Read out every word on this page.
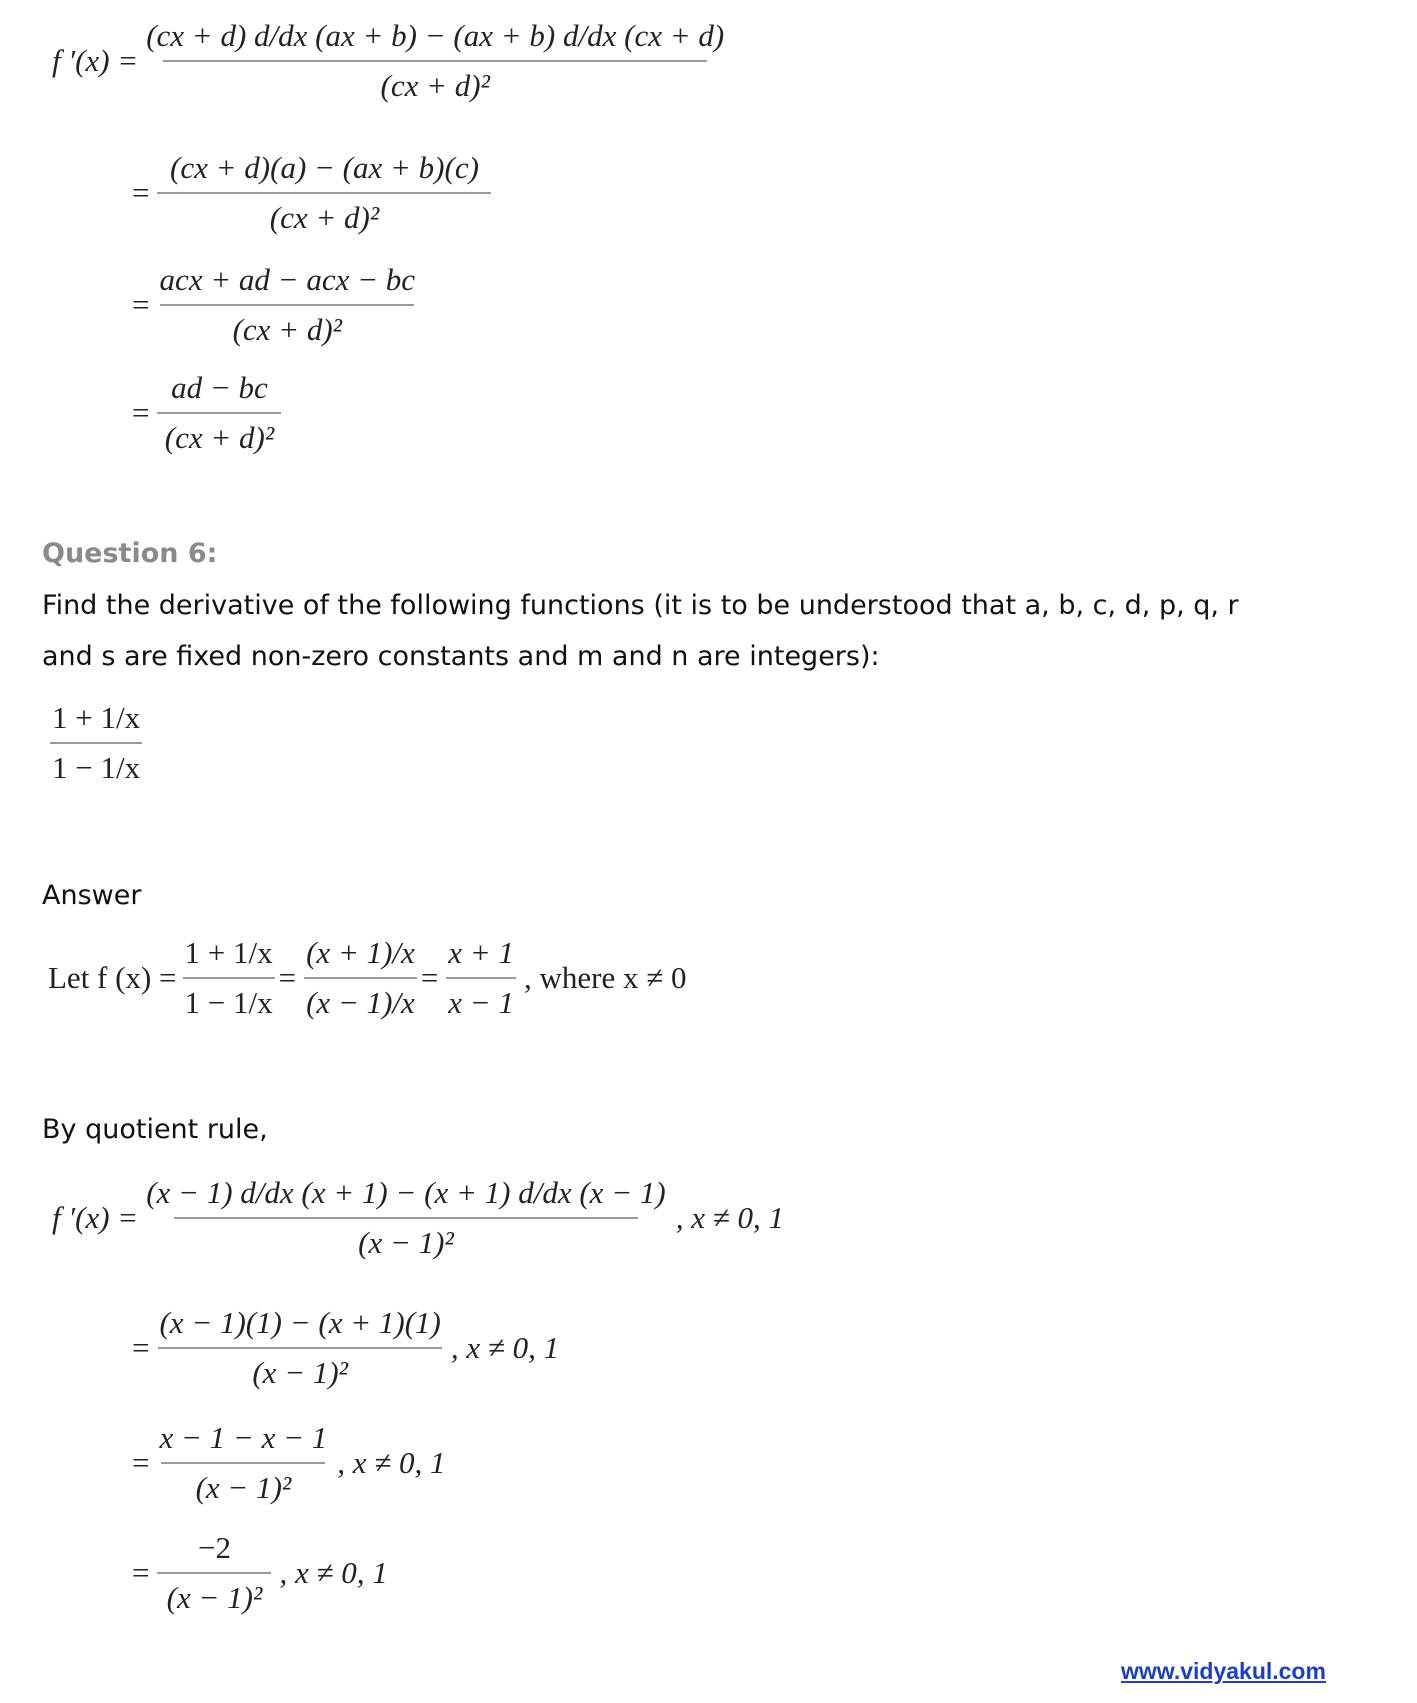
f $'(x) = \frac{(cx + d) d/dx (ax + b) - (ax + b) d/dx (cx + d)}{\text{(cx + d)²}}$
= $\frac{(cx + d)(a) - (ax + b)(c)}{\text{(cx + d)²}}$
= $\frac{\text{acx + ad − acx − bc}}{\text{(cx + d)²}}$
= $\frac{ad - bc}{\text{(cx + d)²}}$
Question 6:
Find the derivative of the following functions (it is to be understood that a, b, c, d, p, q, r
and s are fixed non-zero constants and m and n are integers):
$\frac{1 + 1/x}{1 - 1/x}$
Answer
Let f $(x) = \frac{1 + 1/x}{1 - 1/x} = \frac{(x + 1)/x}{(x - 1)/x} = \frac{x + 1}{x - 1}$ , where x ≠ 0
By quotient rule,
f $'(x) = \frac{(x - 1) d/dx (x + 1) - (x + 1) d/dx (x - 1)}{\text{(x − 1)²}}$ , x ≠ 0, 1
= $\frac{(x - 1)(1) - (x + 1)(1)}{\text{(x − 1)²}}$ , x ≠ 0, 1
= $\frac{x - 1 - x - 1}{\text{(x − 1)²}}$ , x ≠ 0, 1
= $\frac{-2}{\text{(x − 1)²}}$ , x ≠ 0, 1
www.vidyakul.com
